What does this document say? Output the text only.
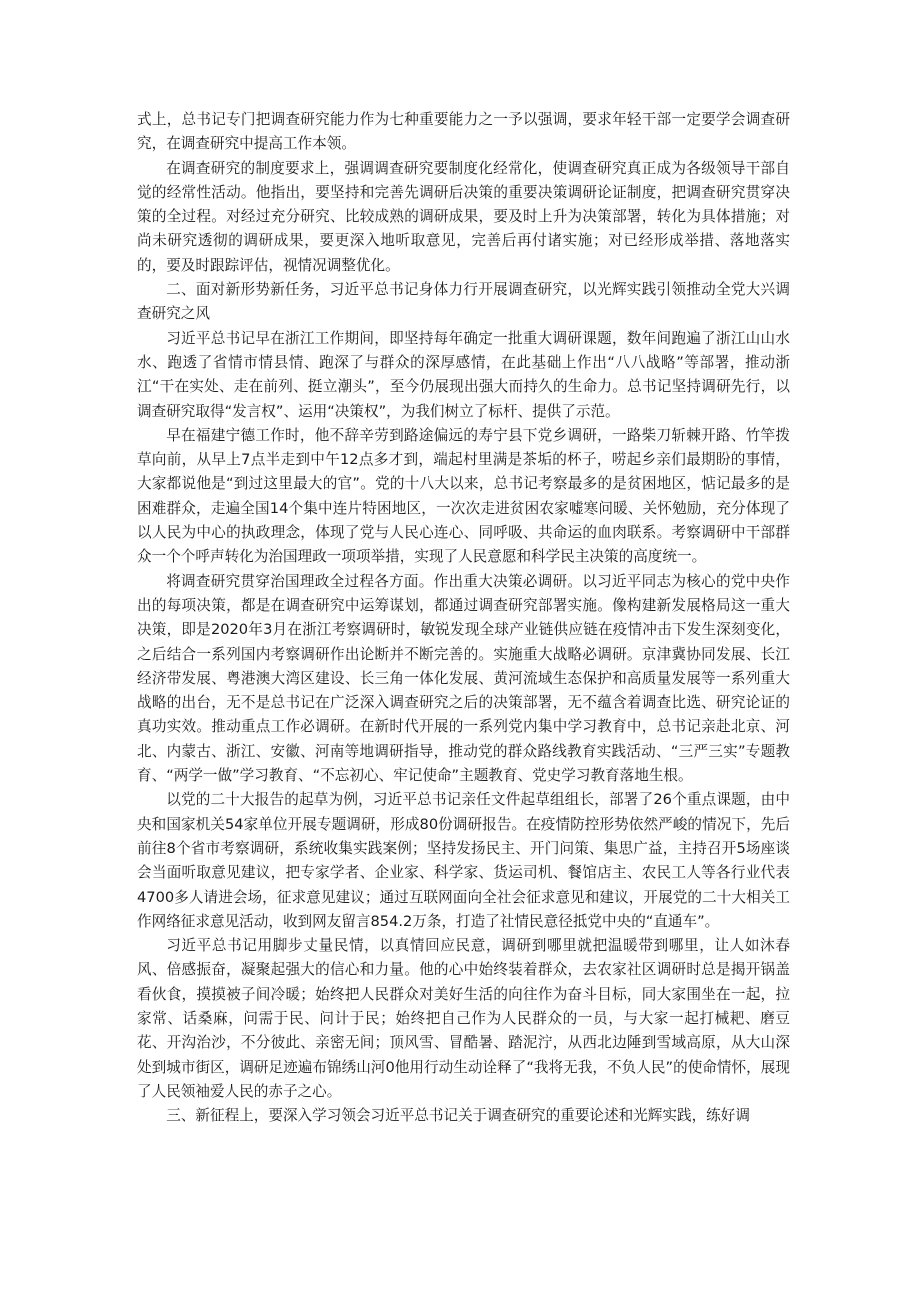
式上，总书记专门把调查研究能力作为七种重要能力之一予以强调，要求年轻干部一定要学会调查研究，在调查研究中提高工作本领。

在调查研究的制度要求上，强调调查研究要制度化经常化，使调查研究真正成为各级领导干部自觉的经常性活动。他指出，要坚持和完善先调研后决策的重要决策调研论证制度，把调查研究贯穿决策的全过程。对经过充分研究、比较成熟的调研成果，要及时上升为决策部署，转化为具体措施；对尚未研究透彻的调研成果，要更深入地听取意见，完善后再付诸实施；对已经形成举措、落地落实的，要及时跟踪评估，视情况调整优化。

二、面对新形势新任务，习近平总书记身体力行开展调查研究，以光辉实践引领推动全党大兴调查研究之风

习近平总书记早在浙江工作期间，即坚持每年确定一批重大调研课题，数年间跑遍了浙江山山水水、跑透了省情市情县情、跑深了与群众的深厚感情，在此基础上作出“八八战略”等部署，推动浙江“干在实处、走在前列、挺立潮头”，至今仍展现出强大而持久的生命力。总书记坚持调研先行，以调查研究取得“发言权”、运用“决策权”，为我们树立了标杆、提供了示范。

早在福建宁德工作时，他不辞辛劳到路途偏远的寿宁县下党乡调研，一路柴刀斩棘开路、竹竿拨草向前，从早上7点半走到中午12点多才到，端起村里满是茶垢的杯子，唠起乡亲们最期盼的事情，大家都说他是“到过这里最大的官”。党的十八大以来，总书记考察最多的是贫困地区，惦记最多的是困难群众，走遍全国14个集中连片特困地区，一次次走进贫困农家嘘寒问暖、关怀勉励，充分体现了以人民为中心的执政理念，体现了党与人民心连心、同呼吸、共命运的血肉联系。考察调研中干部群众一个个呼声转化为治国理政一项项举措，实现了人民意愿和科学民主决策的高度统一。

将调查研究贯穿治国理政全过程各方面。作出重大决策必调研。以习近平同志为核心的党中央作出的每项决策，都是在调查研究中运筹谋划，都通过调查研究部署实施。像构建新发展格局这一重大决策，即是2020年3月在浙江考察调研时，敏锐发现全球产业链供应链在疫情冲击下发生深刻变化，之后结合一系列国内考察调研作出论断并不断完善的。实施重大战略必调研。京津冀协同发展、长江经济带发展、粤港澳大湾区建设、长三角一体化发展、黄河流域生态保护和高质量发展等一系列重大战略的出台，无不是总书记在广泛深入调查研究之后的决策部署，无不蕴含着调查比选、研究论证的真功实效。推动重点工作必调研。在新时代开展的一系列党内集中学习教育中，总书记亲赴北京、河北、内蒙古、浙江、安徽、河南等地调研指导，推动党的群众路线教育实践活动、“三严三实”专题教育、“两学一做”学习教育、“不忘初心、牢记使命”主题教育、党史学习教育落地生根。

以党的二十大报告的起草为例，习近平总书记亲任文件起草组组长，部署了26个重点课题，由中央和国家机关54家单位开展专题调研，形成80份调研报告。在疫情防控形势依然严峻的情况下，先后前往8个省市考察调研，系统收集实践案例；坚持发扬民主、开门问策、集思广益，主持召开5场座谈会当面听取意见建议，把专家学者、企业家、科学家、货运司机、餐馆店主、农民工人等各行业代表4700多人请进会场，征求意见建议；通过互联网面向全社会征求意见和建议，开展党的二十大相关工作网络征求意见活动，收到网友留言854.2万条，打造了社情民意径抵党中央的“直通车”。

习近平总书记用脚步丈量民情，以真情回应民意，调研到哪里就把温暖带到哪里，让人如沐春风、倍感振奋，凝聚起强大的信心和力量。他的心中始终装着群众，去农家社区调研时总是揭开锅盖看伙食，摸摸被子间冷暖；始终把人民群众对美好生活的向往作为奋斗目标，同大家围坐在一起，拉家常、话桑麻，问需于民、问计于民；始终把自己作为人民群众的一员，与大家一起打械耙、磨豆花、开沟治沙，不分彼此、亲密无间；顶风雪、冒酷暑、踏泥泞，从西北边陲到雪域高原，从大山深处到城市街区，调研足迹遍布锦绣山河0他用行动生动诠释了“我将无我，不负人民”的使命情怀，展现了人民领袖爱人民的赤子之心。

三、新征程上，要深入学习领会习近平总书记关于调查研究的重要论述和光辉实践，练好调
